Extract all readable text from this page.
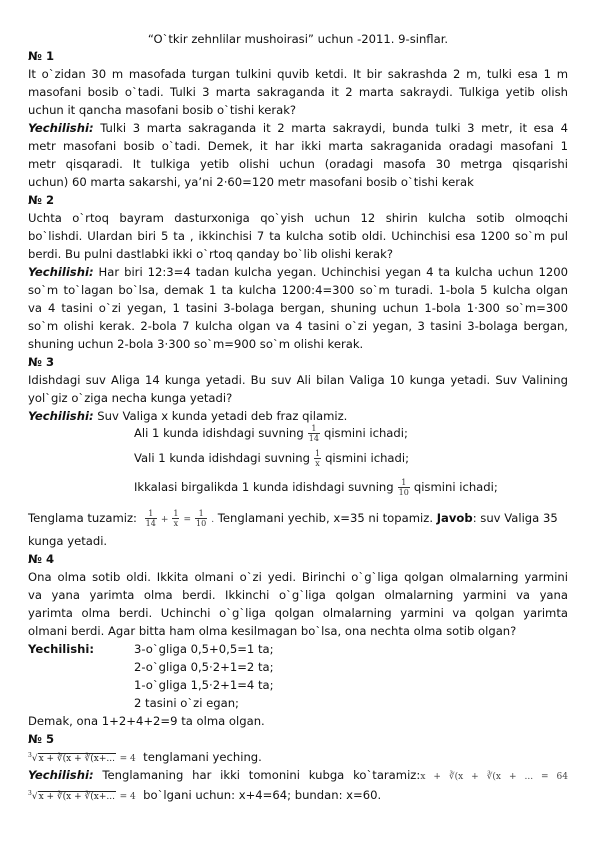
“O`tkir zehnlilar mushoirasi” uchun -2011. 9-sinflar.
№ 1
It o`zidan 30 m masofada turgan tulkini quvib ketdi. It bir sakrashda 2 m, tulki esa 1 m
masofani bosib o`tadi. Tulki 3 marta sakraganda it 2 marta sakraydi. Tulkiga yetib olish
uchun it qancha masofani bosib o`tishi kerak?
Yechilishi: Tulki 3 marta sakraganda it 2 marta sakraydi, bunda tulki 3 metr, it esa 4
metr masofani bosib o`tadi. Demek, it har ikki marta sakraganida oradagi masofani 1
metr qisqaradi. It tulkiga yetib olishi uchun (oradagi masofa 30 metrga qisqarishi
uchun) 60 marta sakarshi, ya’ni 2⋅60=120 metr masofani bosib o`tishi kerak
№ 2
Uchta o`rtoq bayram dasturxoniga qo`yish uchun 12 shirin kulcha sotib olmoqchi
bo`lishdi. Ulardan biri 5 ta , ikkinchisi 7 ta kulcha sotib oldi. Uchinchisi esa 1200 so`m pul
berdi. Bu pulni dastlabki ikki o`rtoq qanday bo`lib olishi kerak?
Yechilishi: Har biri 12:3=4 tadan kulcha yegan. Uchinchisi yegan 4 ta kulcha uchun 1200
so`m to`lagan bo`lsa, demak 1 ta kulcha 1200:4=300 so`m turadi. 1-bola 5 kulcha olgan
va 4 tasini o`zi yegan, 1 tasini 3-bolaga bergan, shuning uchun 1-bola 1⋅300 so`m=300
so`m olishi kerak. 2-bola 7 kulcha olgan va 4 tasini o`zi yegan, 3 tasini 3-bolaga bergan,
shuning uchun 2-bola 3⋅300 so`m=900 so`m olishi kerak.
№ 3
Idishdagi suv Aliga 14 kunga yetadi. Bu suv Ali bilan Valiga 10 kunga yetadi. Suv Valining
yol`giz o`ziga necha kunga yetadi?
Yechilishi: Suv Valiga x kunda yetadi deb fraz qilamiz.
Ali 1 kunda idishdagi suvning $\frac{1}{14}$ qismini ichadi;
Vali 1 kunda idishdagi suvning $\frac{1}{x}$ qismini ichadi;
Ikkalasi birgalikda 1 kunda idishdagi suvning $\frac{1}{10}$ qismini ichadi;
Tenglama tuzamiz: $\frac{1}{14} + \frac{1}{x} = \frac{1}{10}$ . Tenglamani yechib, x=35 ni topamiz. Javob: suv Valiga 35
kunga yetadi.
№ 4
Ona olma sotib oldi. Ikkita olmani o`zi yedi. Birinchi o`g`liga qolgan olmalarning yarmini
va yana yarimta olma berdi. Ikkinchi o`g`liga qolgan olmalarning yarmini va yana
yarimta olma berdi. Uchinchi o`g`liga qolgan olmalarning yarmini va qolgan yarimta
olmani berdi. Agar bitta ham olma kesilmagan bo`lsa, ona nechta olma sotib olgan?
Yechilishi:	3-o`gliga 0,5+0,5=1 ta;
2-o`gliga 0,5⋅2+1=2 ta;
1-o`gliga 1,5⋅2+1=4 ta;
2 tasini o`zi egan;
Demak, ona 1+2+4+2=9 ta olma olgan.
№ 5
$^3$√x + ∛(x + ∛(x+... = 4 tenglamani yeching.
Yechilishi: Tenglamaning har ikki tomonini kubga ko`taramiz:x + ∛(x + ∛(x + ... = 64
$^3$√x + ∛(x + ∛(x+... = 4 bo`lgani uchun: x+4=64; bundan: x=60.
